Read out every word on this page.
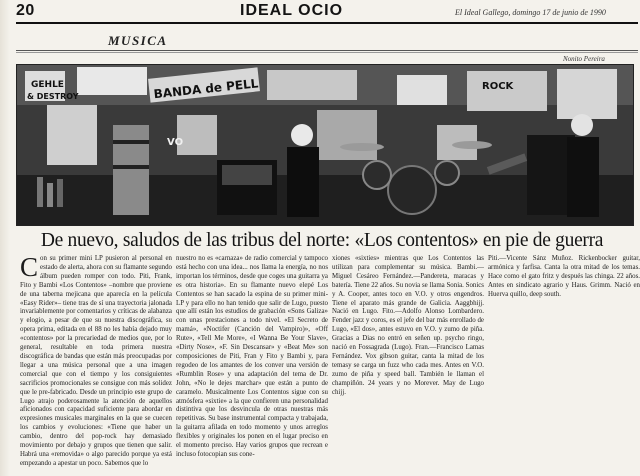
20	IDEAL OCIO	El Ideal Gallego, domingo 17 de junio de 1990
MUSICA
Nonito Pereira
GEHLE
& DESTROY	BANDA de PELL	ROCK
VO
De nuevo, saludos de las tribus del norte: «Los contentos» en pie de guerra

Con su primer mini LP pusieron al personal en estado de alerta, ahora con su flamante segundo álbum pueden romper con todo. Piti, Frank, Fito y Bambi «Los Contentos» –nombre que proviene de una taberna mejicana que aparecía en la película «Easy Rider»– tiene tras de sí una trayectoria jalonada invariablemente por comentarios y críticas de alabanza y elogio, a pesar de que su nuestra discográfica, su opera prima, editada en el 88 no les había dejado muy «contentos» por la precariedad de medios que, por lo general, resultable en toda primera nuestra discográfica de bandas que están más preocupadas por llegar a una música personal que a una imagen comercial que con el tiempo y los consiguientes sacrificios promocionales se consigue con más solidez que le pre-fabricado. Desde un principio este grupo de Lugo atrajo poderosamente la atención de aquellos aficionados con capacidad suficiente para abordar en expresiones musicales marginales en la que se cuecen los cambios y evoluciones: «Tiene que haber un cambio, dentro del pop-rock hay demasiado movimiento por debajo y grupos que tienen que salir. Habrá una «removida» o algo parecido porque ya está empezando a apestar un poco. Sabemos que lo

nuestro no es «carnaza» de radio comercial y tampoco está hecho con una idea... nos llama la energía, no nos importan los términos, desde que coges una guitarra ya es otra historia». En su flamante nuevo elepé Los Contentos se han sacado la espina de su primer mini-LP y para ello no han tenido que salir de Lugo, puesto que allí están los estudios de grabación «Sons Galiza» con unas prestaciones a todo nivel. «El Secreto de mamá», «Noctifer (Canción del Vampiro)», «Off Rute», «Tell Me More», «I Wanna Be Your Slave», «Dirty Nose», «F. Sin Descansar» y «Beat Me» son composiciones de Piti, Fran y Fito y Bambi y, para regodeo de los amantes de los conver una versión de «Rumblin Rose» y una adaptación del tema de Dr. John, «No le dejes marchar» que están a punto de caramelo. Musicalmente Los Contentos sigue con su atmósfera «sixtie» a la que confieren una personalidad distintiva que los desvincula de otras nuestras más repetitivas. Su base instrumental compacta y trabajada, la guitarra afilada en todo momento y unos arreglos flexibles y originales los ponen en el lugar preciso en el momento preciso. Hay varios grupos que recrean e incluso fotocopian sus cone-

xiones «sixties» mientras que Los Contentos las utilizan para complementar su música. Bambi.— Miguel Cesáreo Fernández.—Pandereta, maracas y batería. Tiene 22 años. Su novia se llama Sonia. Sonics y A. Cooper, antes toco en V.O. y otros engendros. Tiene el aparato más grande de Galicia. Aaggbhijj. Nació en Lugo. Fito.—Adolfo Alonso Lombardero. Fender jazz y coros, es el jefe del bar más enrollado de Lugo, «El dos», antes estuvo en V.O. y zumo de piña. Gracias a Dias no entró en señen up. psycho ringo, nació en Fossagrada (Lugo). Fran.—Francisco Lamas Fernández. Vox gibson guitar, canta la mitad de los temasy se carga un fuzz who cada mes. Antes en V.O. zumo de piña y speed ball. También le llaman el champiñón. 24 years y no Morever. May de Lugo chijj.

Piti.—Vicente Sánz Muñoz. Rickenbocker guitar, armónica y farfisa. Canta la otra mitad de los temas. Hace como el gato fritz y después las chinga. 22 años. Antes en sindicato agrario y Haus. Grimm. Nació en Huerva quillo, deep south.
